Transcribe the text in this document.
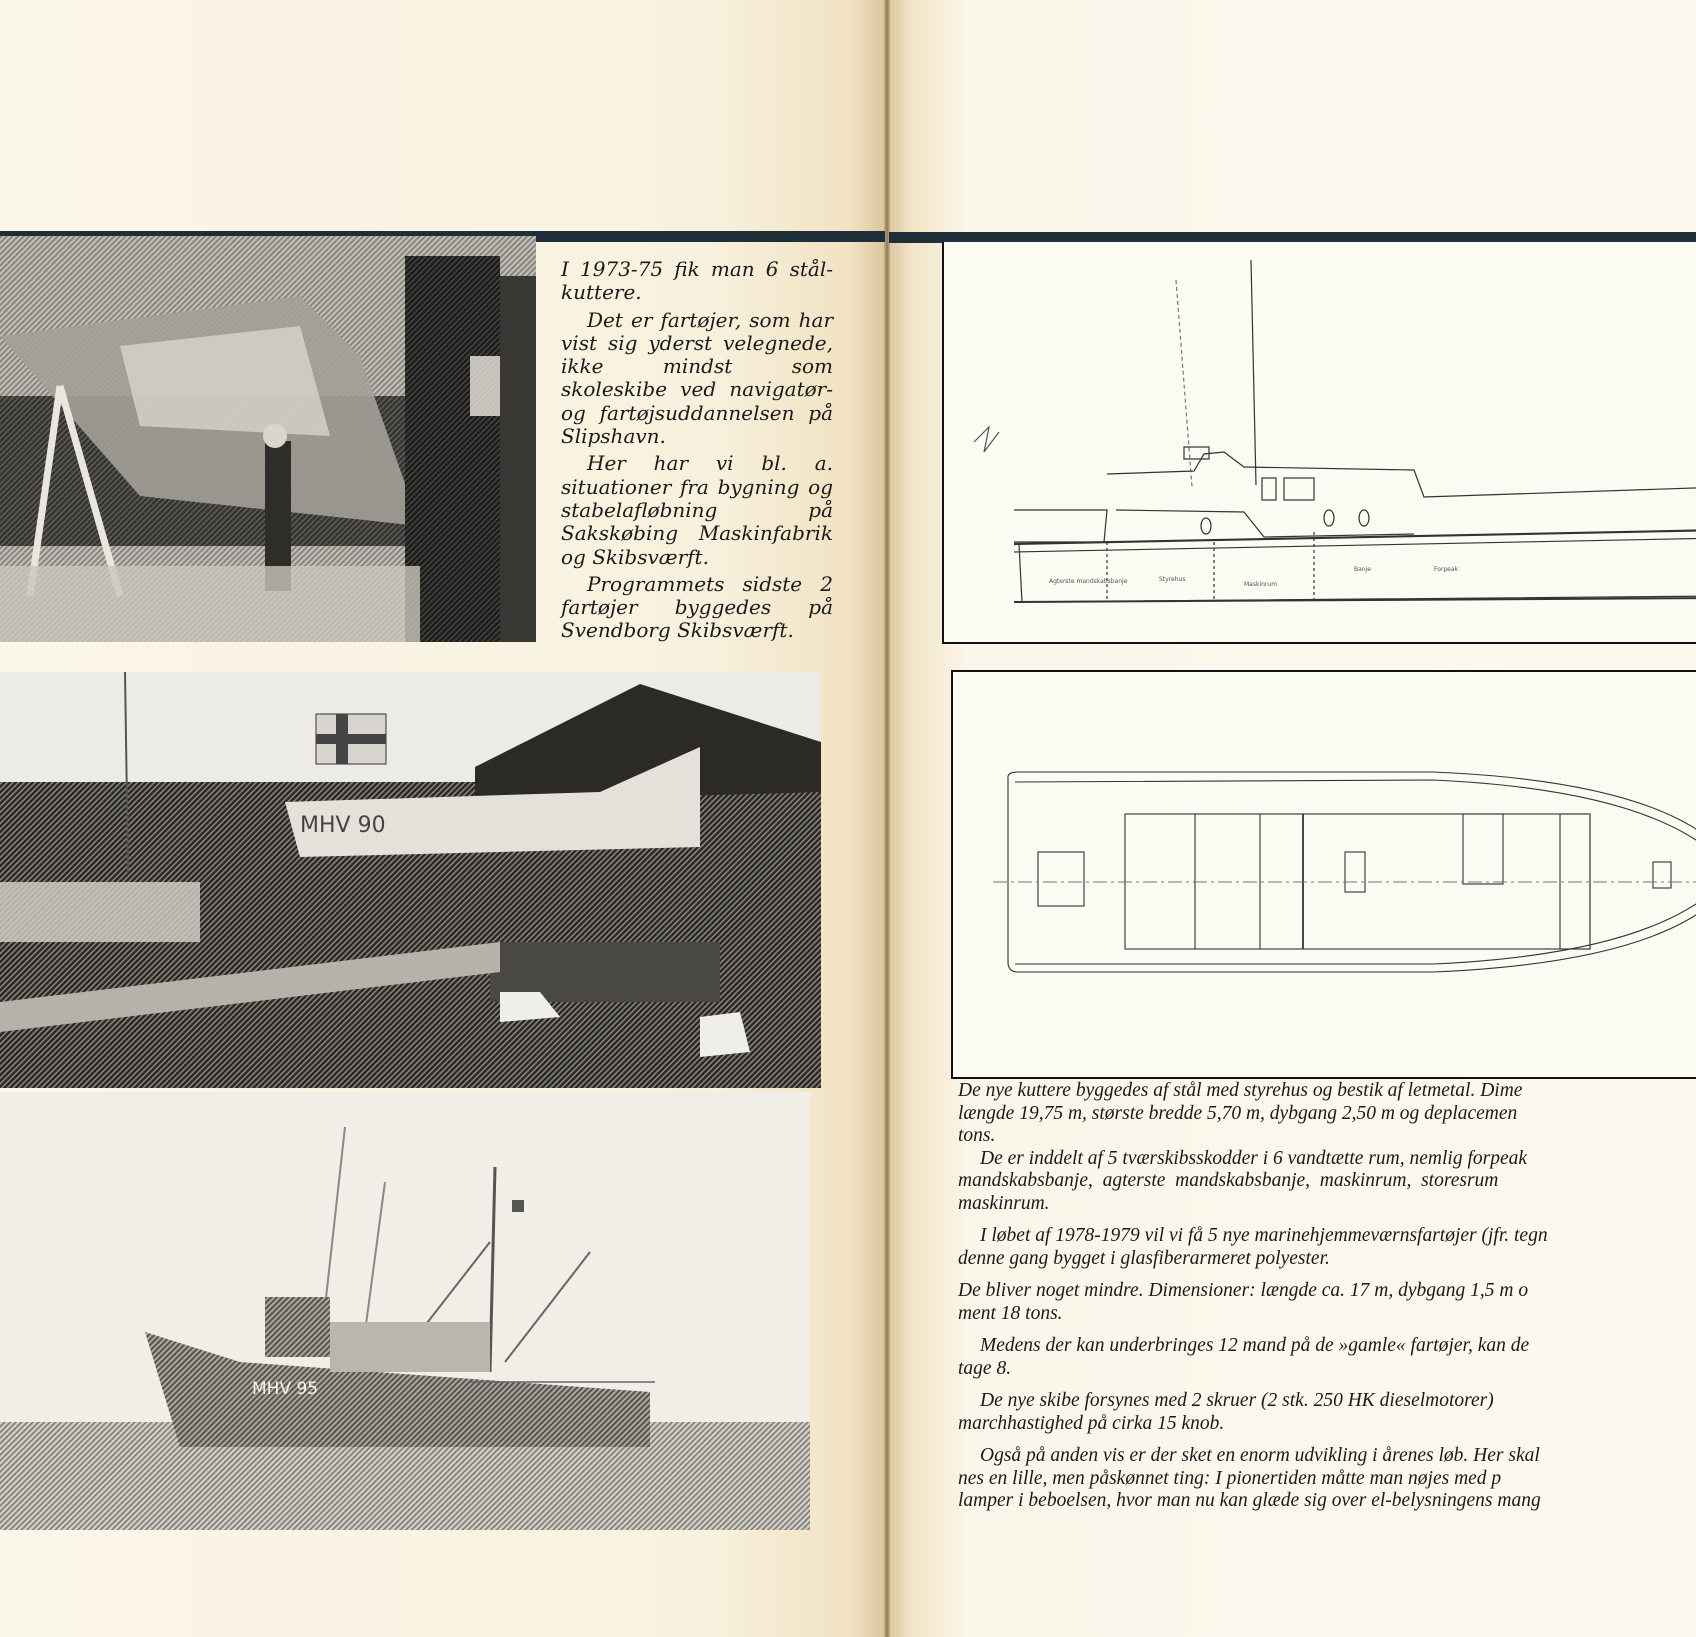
I 1973-75 fik man 6 stål-kuttere.

Det er fartøjer, som har vist sig yderst velegnede, ikke mindst som skoleskibe ved navigatør- og fartøjsuddannelsen på Slipshavn.

Her har vi bl. a. situationer fra bygning og stabelafløbning på Sakskøbing Maskinfabrik og Skibsværft.

Programmets sidste 2 fartøjer byggedes på Svendborg Skibsværft.

MHV 90
MHV 95
Agterste mandskabsbanje	Styrehus
Maskinrum
Banje	Forpeak

De nye kuttere byggedes af stål med styrehus og bestik af letmetal. Dime

længde 19,75 m, største bredde 5,70 m, dybgang 2,50 m og deplacemen

tons.

De er inddelt af 5 tværskibsskodder i 6 vandtætte rum, nemlig forpeak

mandskabsbanje,  agterste  mandskabsbanje,  maskinrum,  storesrum

maskinrum.

I løbet af 1978-1979 vil vi få 5 nye marinehjemmeværnsfartøjer (jfr. tegn

denne gang bygget i glasfiberarmeret polyester.

De bliver noget mindre. Dimensioner: længde ca. 17 m, dybgang 1,5 m o

ment 18 tons.

Medens der kan underbringes 12 mand på de »gamle« fartøjer, kan de

tage 8.

De nye skibe forsynes med 2 skruer (2 stk. 250 HK dieselmotorer)

marchhastighed på cirka 15 knob.

Også på anden vis er der sket en enorm udvikling i årenes løb. Her skal

nes en lille, men påskønnet ting: I pionertiden måtte man nøjes med p

lamper i beboelsen, hvor man nu kan glæde sig over el-belysningens mang
